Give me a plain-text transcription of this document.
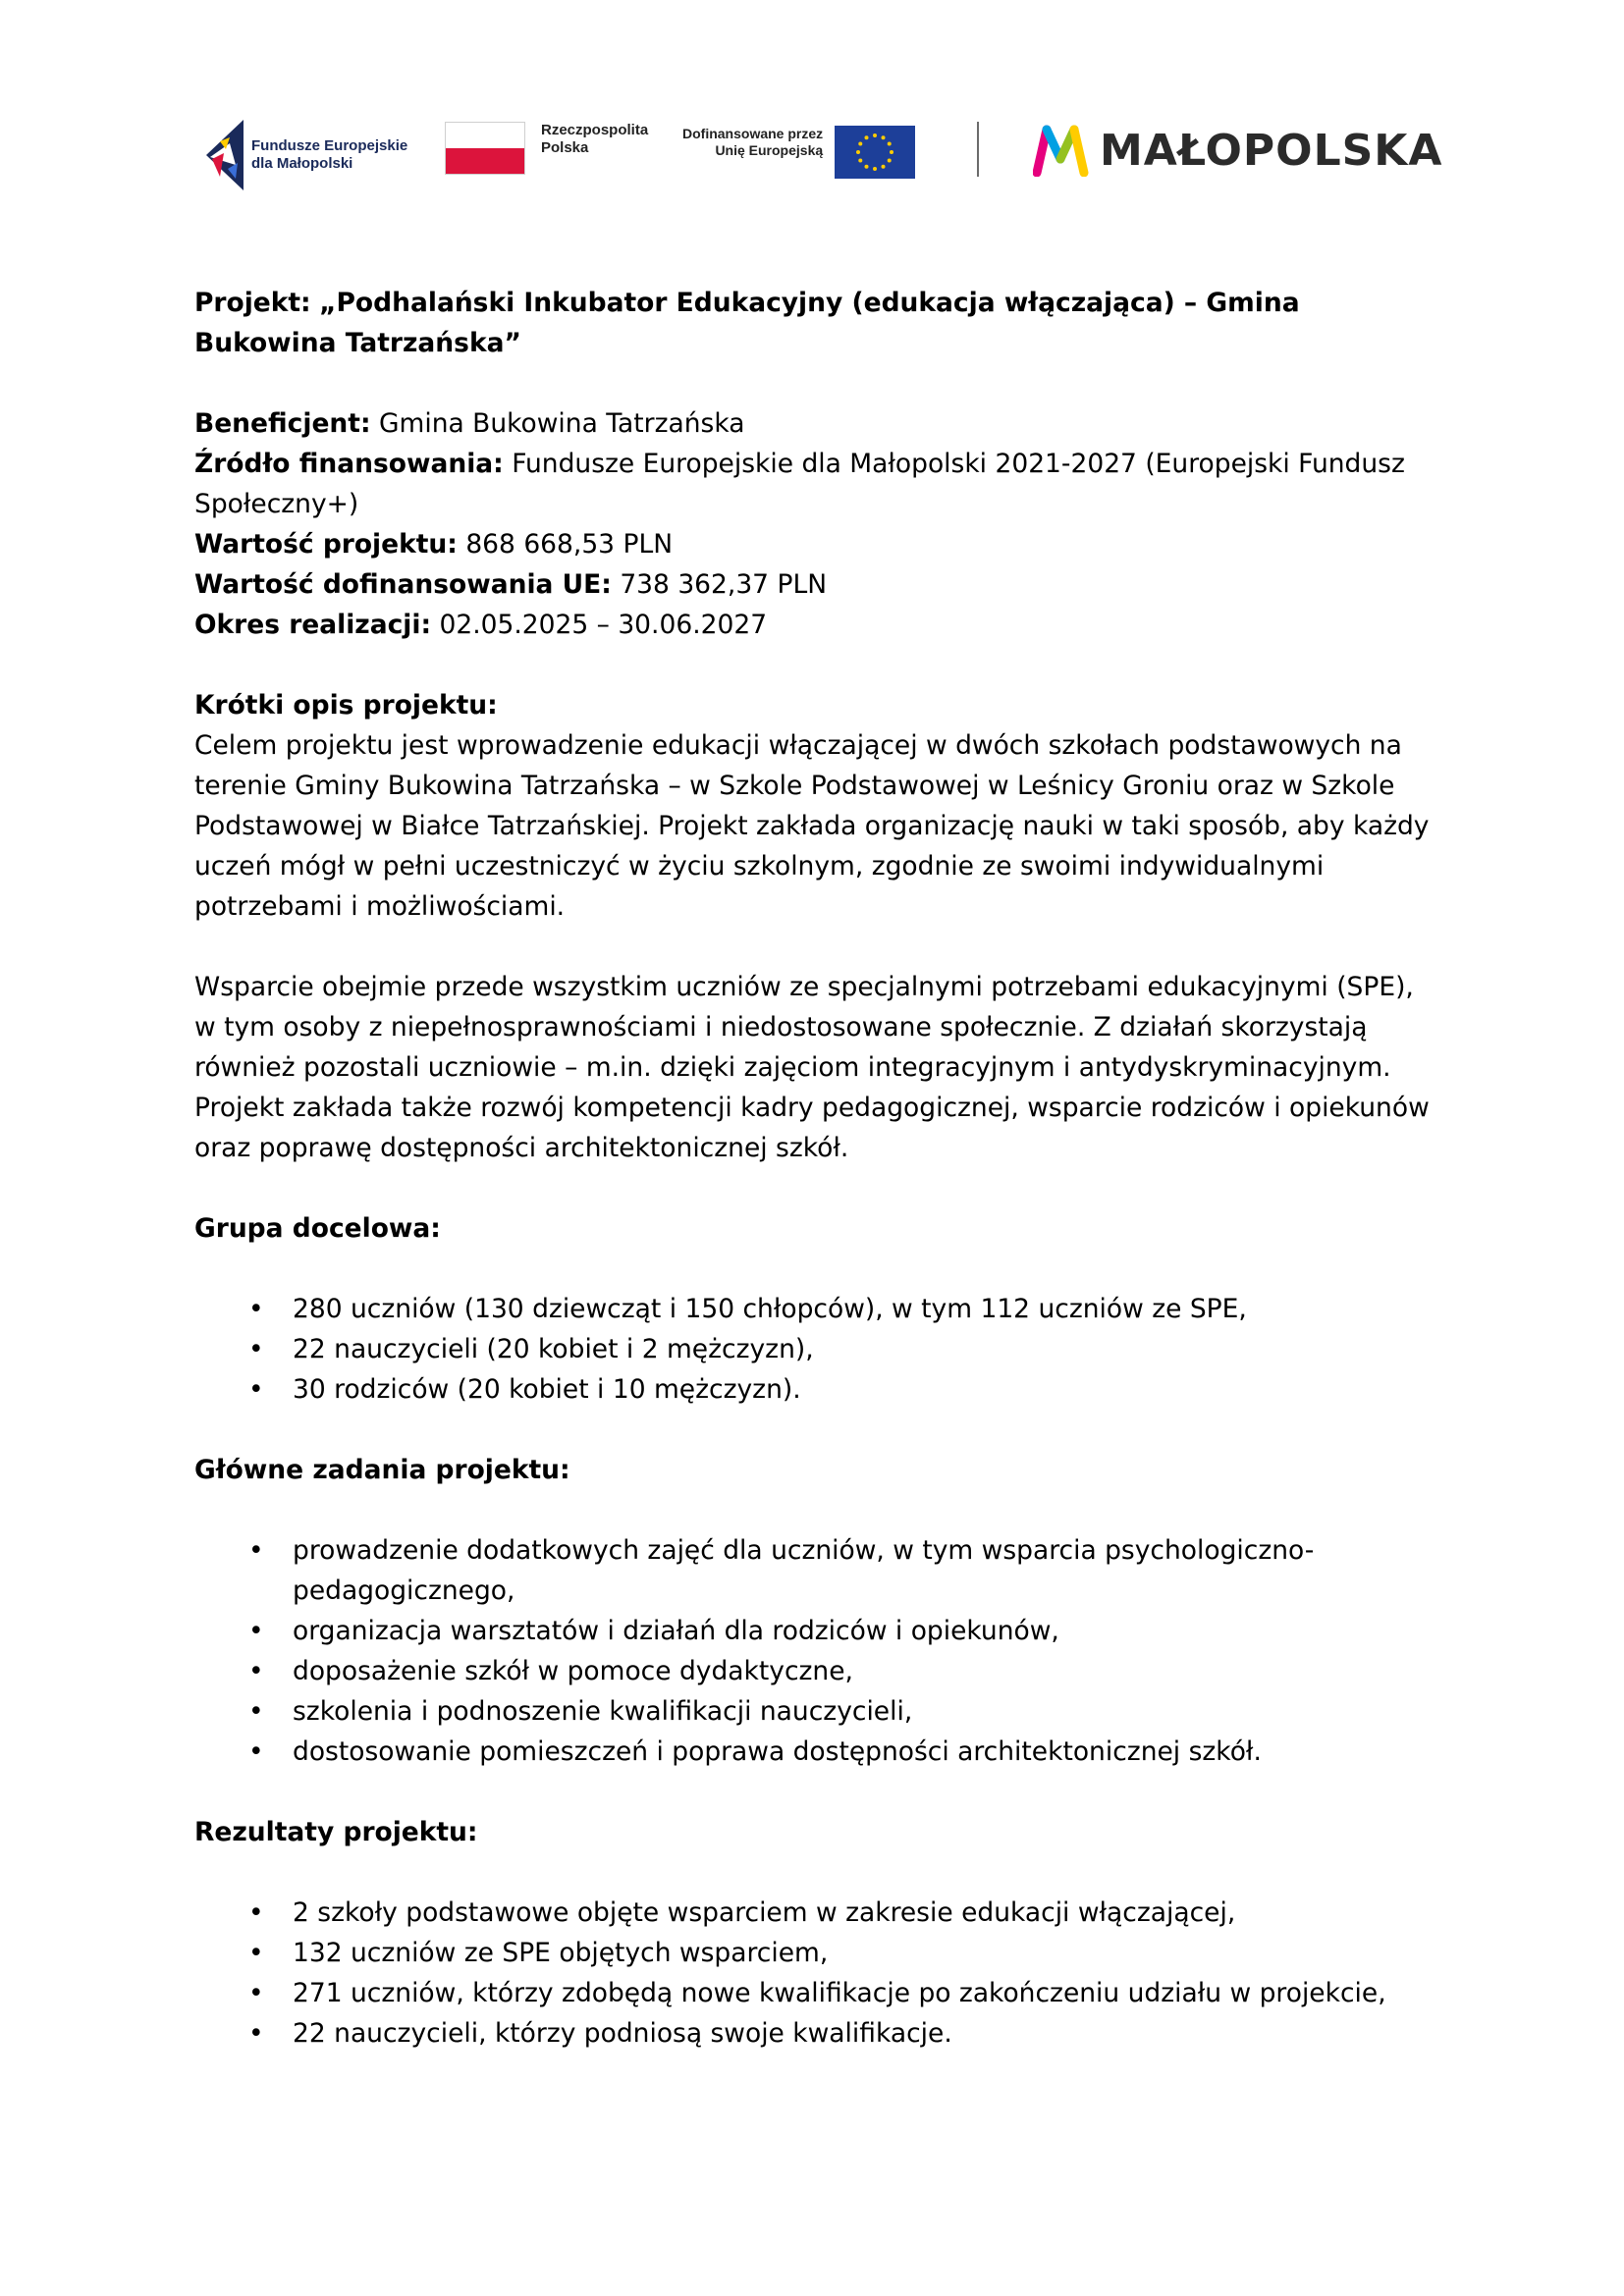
Fundusze Europejskie
dla Małopolski
Rzeczpospolita
Polska
Dofinansowane przez
Unię Europejską	MAŁOPOLSKA

Projekt: „Podhalański Inkubator Edukacyjny (edukacja włączająca) – Gmina Bukowina Tatrzańska”

Beneficjent: Gmina Bukowina Tatrzańska

Źródło finansowania: Fundusze Europejskie dla Małopolski 2021-2027 (Europejski Fundusz Społeczny+)

Wartość projektu: 868 668,53 PLN

Wartość dofinansowania UE: 738 362,37 PLN

Okres realizacji: 02.05.2025 – 30.06.2027

Krótki opis projektu:

Celem projektu jest wprowadzenie edukacji włączającej w dwóch szkołach podstawowych na terenie Gminy Bukowina Tatrzańska – w Szkole Podstawowej w Leśnicy Groniu oraz w Szkole Podstawowej w Białce Tatrzańskiej. Projekt zakłada organizację nauki w taki sposób, aby każdy uczeń mógł w pełni uczestniczyć w życiu szkolnym, zgodnie ze swoimi indywidualnymi potrzebami i możliwościami.

Wsparcie obejmie przede wszystkim uczniów ze specjalnymi potrzebami edukacyjnymi (SPE), w tym osoby z niepełnosprawnościami i niedostosowane społecznie. Z działań skorzystają również pozostali uczniowie – m.in. dzięki zajęciom integracyjnym i antydyskryminacyjnym. Projekt zakłada także rozwój kompetencji kadry pedagogicznej, wsparcie rodziców i opiekunów oraz poprawę dostępności architektonicznej szkół.

Grupa docelowa:

• 280 uczniów (130 dziewcząt i 150 chłopców), w tym 112 uczniów ze SPE,
• 22 nauczycieli (20 kobiet i 2 mężczyzn),
• 30 rodziców (20 kobiet i 10 mężczyzn).

Główne zadania projektu:

• prowadzenie dodatkowych zajęć dla uczniów, w tym wsparcia psychologiczno-pedagogicznego,
• organizacja warsztatów i działań dla rodziców i opiekunów,
• doposażenie szkół w pomoce dydaktyczne,
• szkolenia i podnoszenie kwalifikacji nauczycieli,
• dostosowanie pomieszczeń i poprawa dostępności architektonicznej szkół.

Rezultaty projektu:

• 2 szkoły podstawowe objęte wsparciem w zakresie edukacji włączającej,
• 132 uczniów ze SPE objętych wsparciem,
• 271 uczniów, którzy zdobędą nowe kwalifikacje po zakończeniu udziału w projekcie,
• 22 nauczycieli, którzy podniosą swoje kwalifikacje.
